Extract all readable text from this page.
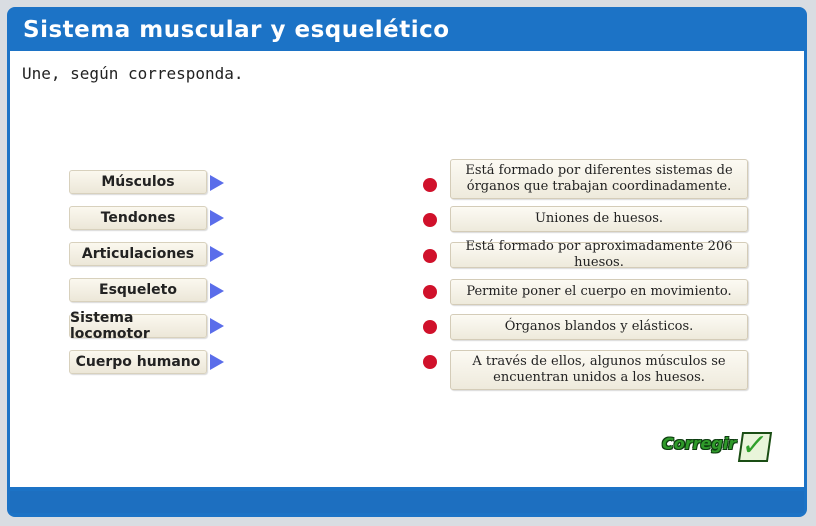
Sistema muscular y esquelético
Une, según corresponda.
Músculos
Tendones
Articulaciones
Esqueleto
Sistema locomotor
Cuerpo humano
Está formado por diferentes sistemas de órganos que trabajan coordinadamente.
Uniones de huesos.
Está formado por aproximadamente 206 huesos.
Permite poner el cuerpo en movimiento.
Órganos blandos y elásticos.
A través de ellos, algunos músculos se encuentran unidos a los huesos.
Corregir ✓
